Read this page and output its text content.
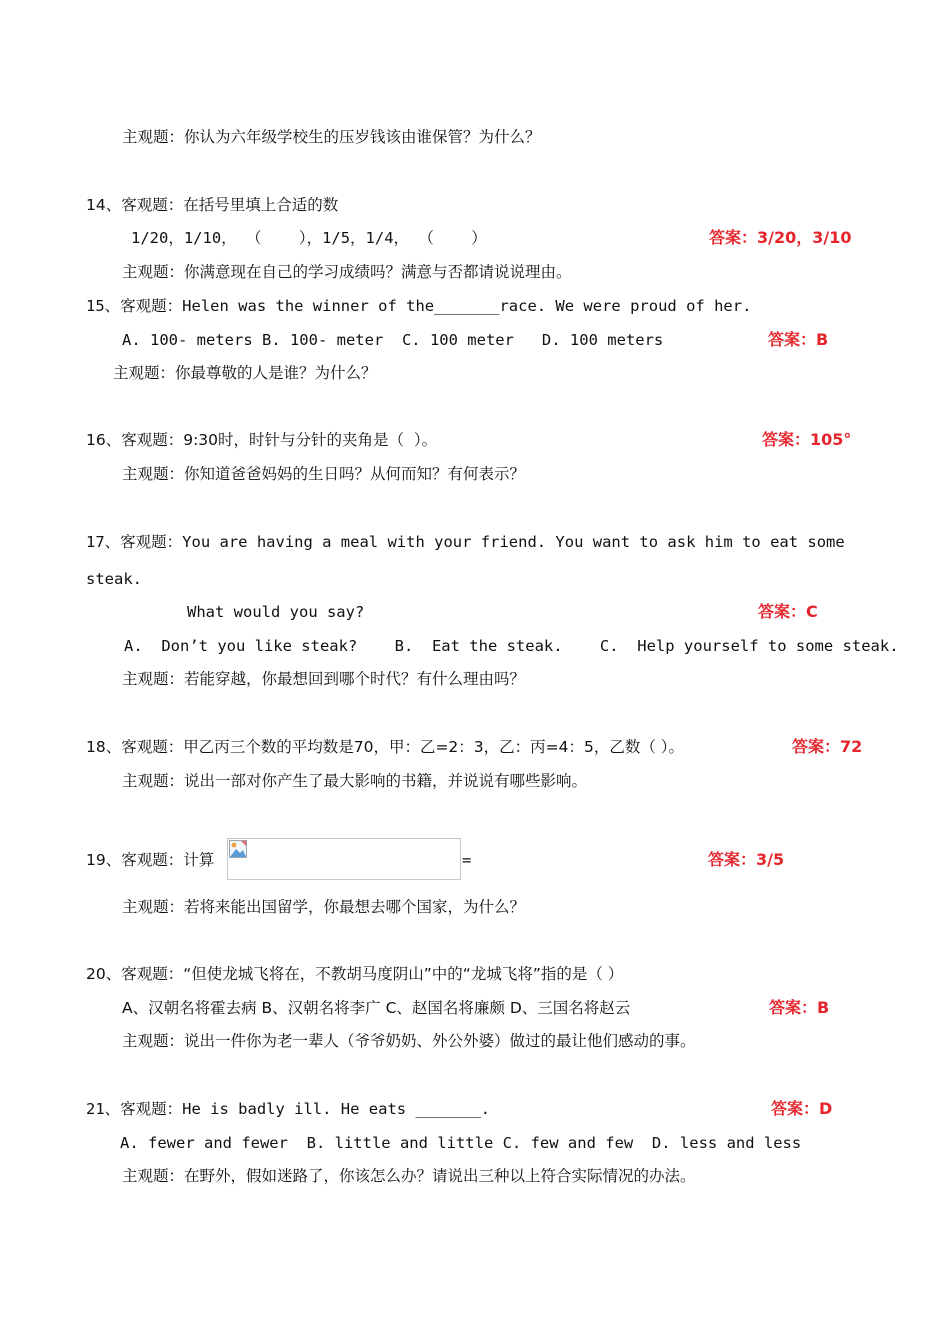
主观题：你认为六年级学校生的压岁钱该由谁保管？为什么？
14、客观题：在括号里填上合适的数
1/20，1/10， （    ），1/5，1/4， （    ）	答案：3/20，3/10
主观题：你满意现在自己的学习成绩吗？满意与否都请说说理由。
15、客观题：Helen was the winner of the_______race. We were proud of her.
A. 100- meters B. 100- meter  C. 100 meter   D. 100 meters	答案：B
主观题：你最尊敬的人是谁？为什么？
16、客观题：9:30时，时针与分针的夹角是（  ）。	答案：105°
主观题：你知道爸爸妈妈的生日吗？从何而知？有何表示？
17、客观题：You are having a meal with your friend. You want to ask him to eat some
steak.
What would you say?	答案：C
A.  Don’t you like steak?    B.  Eat the steak.    C.  Help yourself to some steak.
主观题：若能穿越，你最想回到哪个时代？有什么理由吗？
18、客观题：甲乙丙三个数的平均数是70，甲：乙=2：3，乙：丙=4：5，乙数（ ）。	答案：72
主观题：说出一部对你产生了最大影响的书籍，并说说有哪些影响。
19、客观题：计算	=	答案：3/5
主观题：若将来能出国留学，你最想去哪个国家，为什么？
20、客观题：“但使龙城飞将在，不教胡马度阴山”中的“龙城飞将”指的是（ ）
A、汉朝名将霍去病 B、汉朝名将李广 C、赵国名将廉颇 D、三国名将赵云	答案：B
主观题：说出一件你为老一辈人（爷爷奶奶、外公外婆）做过的最让他们感动的事。
21、客观题：He is badly ill. He eats _______.	答案：D
A. fewer and fewer  B. little and little C. few and few  D. less and less
主观题：在野外，假如迷路了，你该怎么办？请说出三种以上符合实际情况的办法。
